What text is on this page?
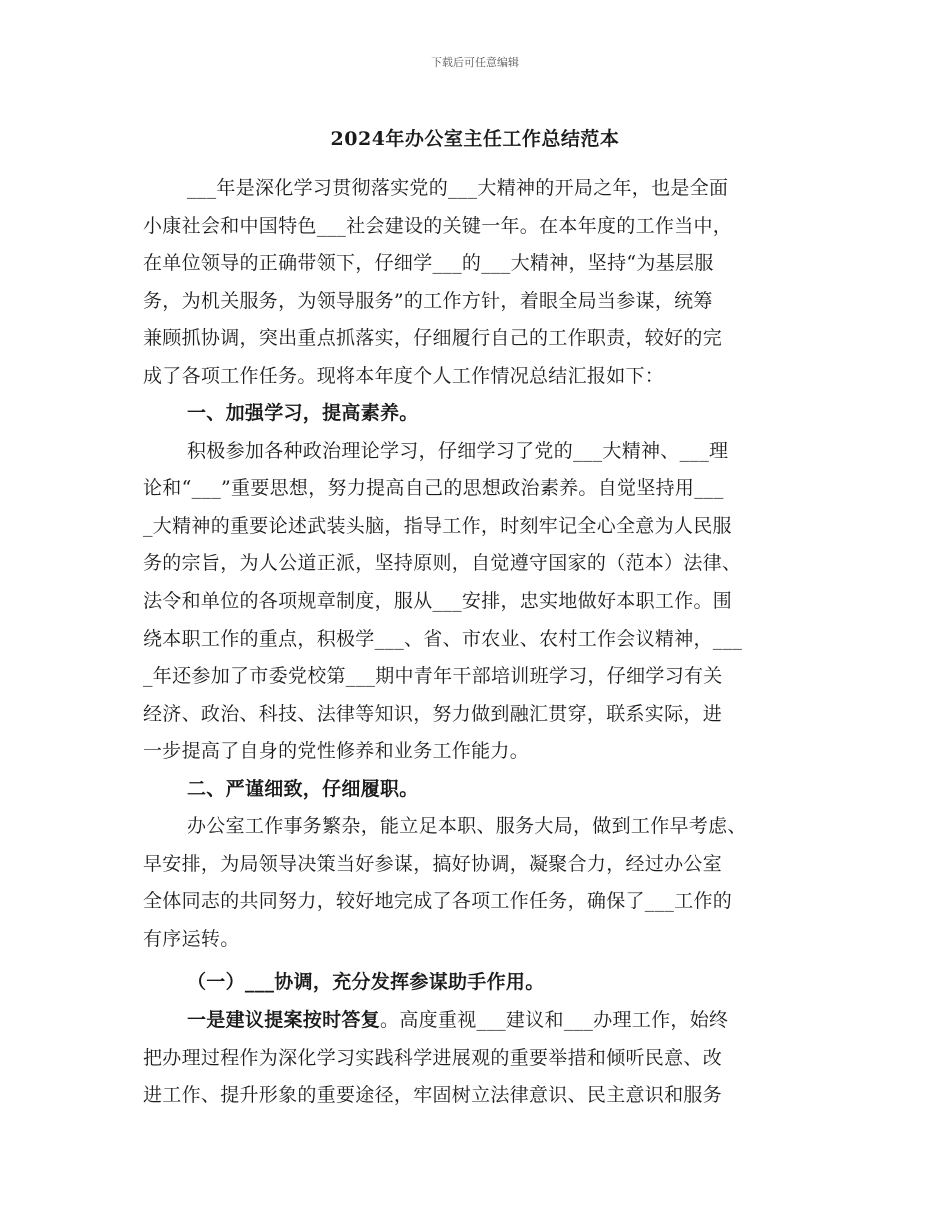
下载后可任意编辑
2024年办公室主任工作总结范本
___年是深化学习贯彻落实党的___大精神的开局之年，也是全面
小康社会和中国特色___社会建设的关键一年。在本年度的工作当中，
在单位领导的正确带领下，仔细学___的___大精神，坚持“为基层服
务，为机关服务，为领导服务”的工作方针，着眼全局当参谋，统筹
兼顾抓协调，突出重点抓落实，仔细履行自己的工作职责，较好的完
成了各项工作任务。现将本年度个人工作情况总结汇报如下：
一、加强学习，提高素养。
积极参加各种政治理论学习，仔细学习了党的___大精神、___理
论和“___”重要思想，努力提高自己的思想政治素养。自觉坚持用___
_大精神的重要论述武装头脑，指导工作，时刻牢记全心全意为人民服
务的宗旨，为人公道正派，坚持原则，自觉遵守国家的（范本）法律、
法令和单位的各项规章制度，服从___安排，忠实地做好本职工作。围
绕本职工作的重点，积极学___、省、市农业、农村工作会议精神，___
_年还参加了市委党校第___期中青年干部培训班学习，仔细学习有关
经济、政治、科技、法律等知识，努力做到融汇贯穿，联系实际，进
一步提高了自身的党性修养和业务工作能力。
二、严谨细致，仔细履职。
办公室工作事务繁杂，能立足本职、服务大局，做到工作早考虑、
早安排，为局领导决策当好参谋，搞好协调，凝聚合力，经过办公室
全体同志的共同努力，较好地完成了各项工作任务，确保了___工作的
有序运转。
（一）___协调，充分发挥参谋助手作用。
一是建议提案按时答复。高度重视___建议和___办理工作，始终
把办理过程作为深化学习实践科学进展观的重要举措和倾听民意、改
进工作、提升形象的重要途径，牢固树立法律意识、民主意识和服务
